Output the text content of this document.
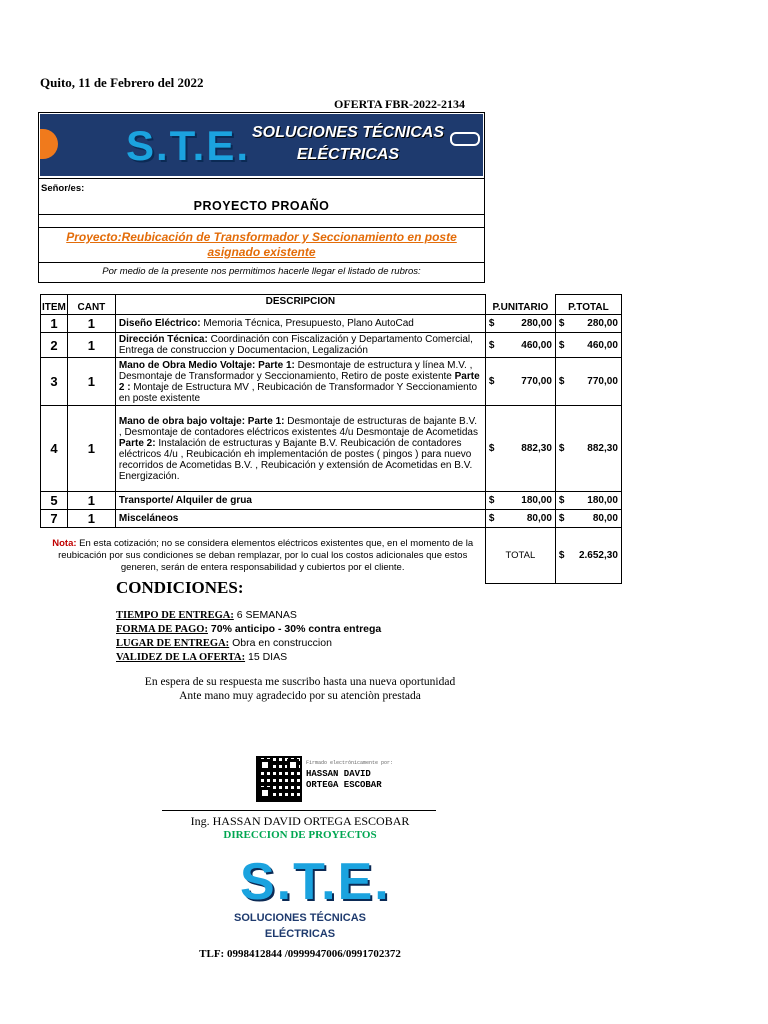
Quito, 11 de Febrero del 2022
OFERTA FBR-2022-2134
S.T.E. SOLUCIONES TÉCNICAS
ELÉCTRICAS
Señor/es:
PROYECTO PROAÑO
Proyecto:Reubicación de Transformador y Seccionamiento en poste
asignado existente
Por medio de la presente nos permitimos hacerle llegar el listado de rubros:
ITEM	CANT	DESCRIPCION	P.UNITARIO	P.TOTAL
1	1	Diseño Eléctrico: Memoria Técnica, Presupuesto, Plano AutoCad	$ 280,00	$ 280,00

2	1	Dirección Técnica: Coordinación con Fiscalización y Departamento Comercial, Entrega de construccion y Documentacion, Legalización	$ 460,00	$ 460,00

3	1	Mano de Obra Medio Voltaje: Parte 1: Desmontaje de estructura y línea M.V. , Desmontaje de Transformador y Seccionamiento, Retiro de poste existente Parte 2 : Montaje de Estructura MV , Reubicación de Transformador Y Seccionamiento en poste existente	$ 770,00	$ 770,00

4	1	Mano de obra bajo voltaje: Parte 1: Desmontaje de estructuras de bajante B.V. , Desmontaje de contadores eléctricos existentes 4/u Desmontaje de Acometidas Parte 2: Instalación de estructuras y Bajante B.V. Reubicación de contadores eléctricos 4/u , Reubicación eh implementación de postes ( pingos ) para nuevo recorridos de Acometidas B.V. , Reubicación y extensión de Acometidas en B.V. Energización.	$ 882,30	$ 882,30

5	1	Transporte/ Alquiler de grua	$ 180,00	$ 180,00

7	1	Misceláneos	$ 80,00	$ 80,00

Nota: En esta cotización; no se considera elementos eléctricos existentes que, en el momento de la reubicación por sus condiciones se deban remplazar, por lo cual los costos adicionales que estos generen, serán de entera responsabilidad y cubiertos por el cliente.			TOTAL	$ 2.652,30
CONDICIONES:
TIEMPO DE ENTREGA: 6 SEMANAS
FORMA DE PAGO: 70% anticipo - 30% contra entrega
LUGAR DE ENTREGA: Obra en construccion
VALIDEZ DE LA OFERTA: 15 DIAS
En espera de su respuesta me suscribo hasta una nueva oportunidad
Ante mano muy agradecido por su atenciòn prestada
Firmado electrónicamente por:
HASSAN DAVID
ORTEGA ESCOBAR
Ing. HASSAN DAVID ORTEGA ESCOBAR
DIRECCION DE PROYECTOS
S.T.E.
SOLUCIONES TÉCNICAS
ELÉCTRICAS
TLF: 0998412844 /0999947006/0991702372
